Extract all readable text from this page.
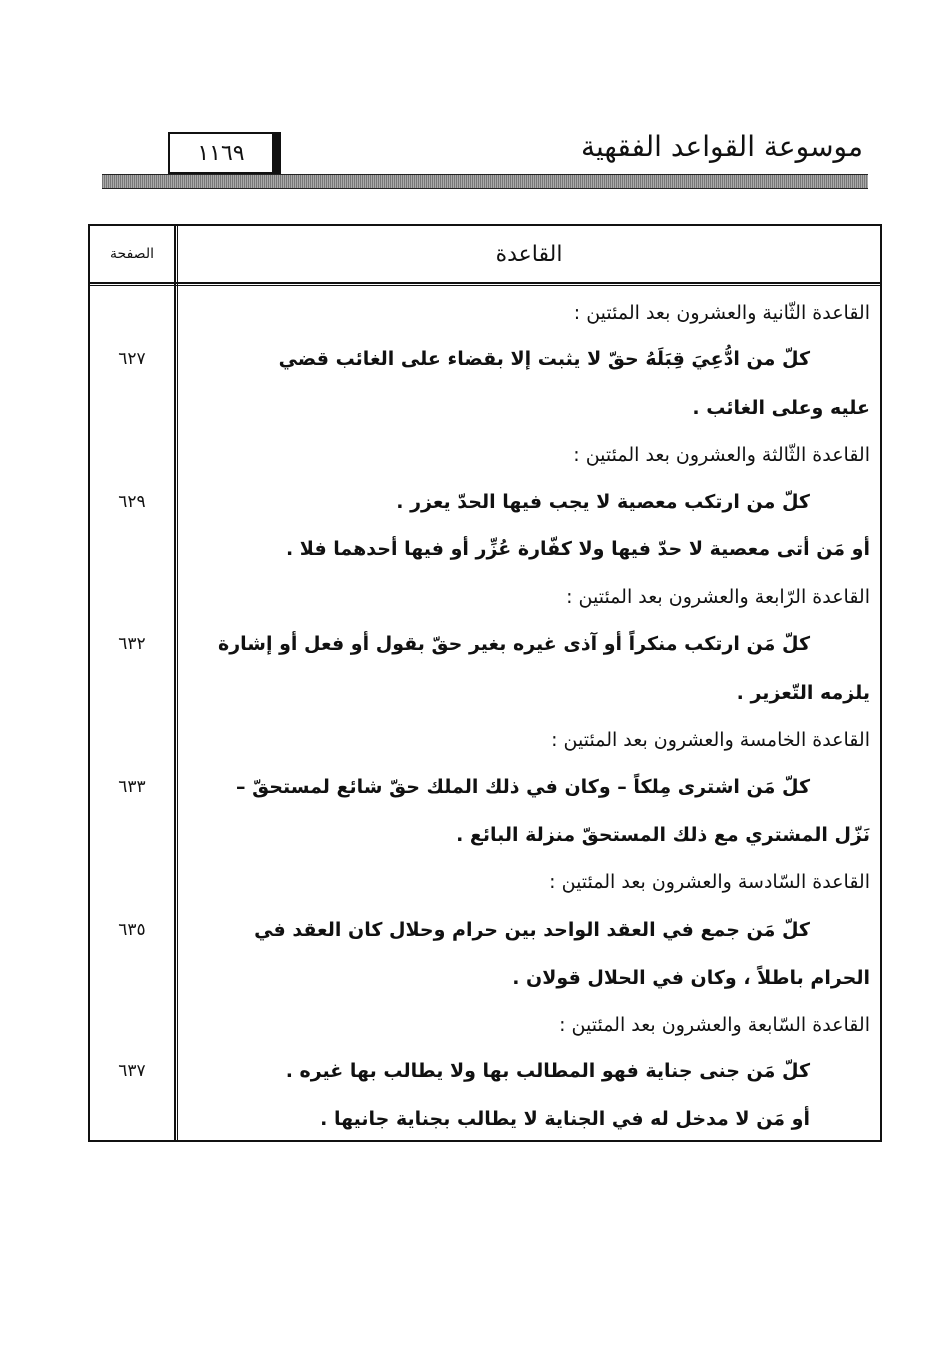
موسوعة القواعد الفقهية
١١٦٩
الصفحة	القاعدة
القاعدة الثّانية والعشرون بعد المئتين :
كلّ من ادُّعِيَ قِبَلَهُ حقّ لا يثبت إلا بقضاء على الغائب قضي
٦٢٧
عليه وعلى الغائب .
القاعدة الثّالثة والعشرون بعد المئتين :
كلّ من ارتكب معصية لا يجب فيها الحدّ يعزر .
٦٢٩
أو مَن أتى معصية لا حدّ فيها ولا كفّارة عُزِّر أو فيها أحدهما فلا .
القاعدة الرّابعة والعشرون بعد المئتين :
كلّ مَن ارتكب منكراً أو آذى غيره بغير حقّ بقول أو فعل أو إشارة
٦٣٢
يلزمه التّعزير .
القاعدة الخامسة والعشرون بعد المئتين :
كلّ مَن اشترى مِلكاً – وكان في ذلك الملك حقّ شائع لمستحقّ –
٦٣٣
نَزّل المشتري مع ذلك المستحقّ منزلة البائع .
القاعدة السّادسة والعشرون بعد المئتين :
كلّ مَن جمع في العقد الواحد بين حرام وحلال كان العقد في
٦٣٥
الحرام باطلاً ، وكان في الحلال قولان .
القاعدة السّابعة والعشرون بعد المئتين :
كلّ مَن جنى جناية فهو المطالب بها ولا يطالب بها غيره .
٦٣٧
أو مَن لا مدخل له في الجناية لا يطالب بجناية جانيها .
